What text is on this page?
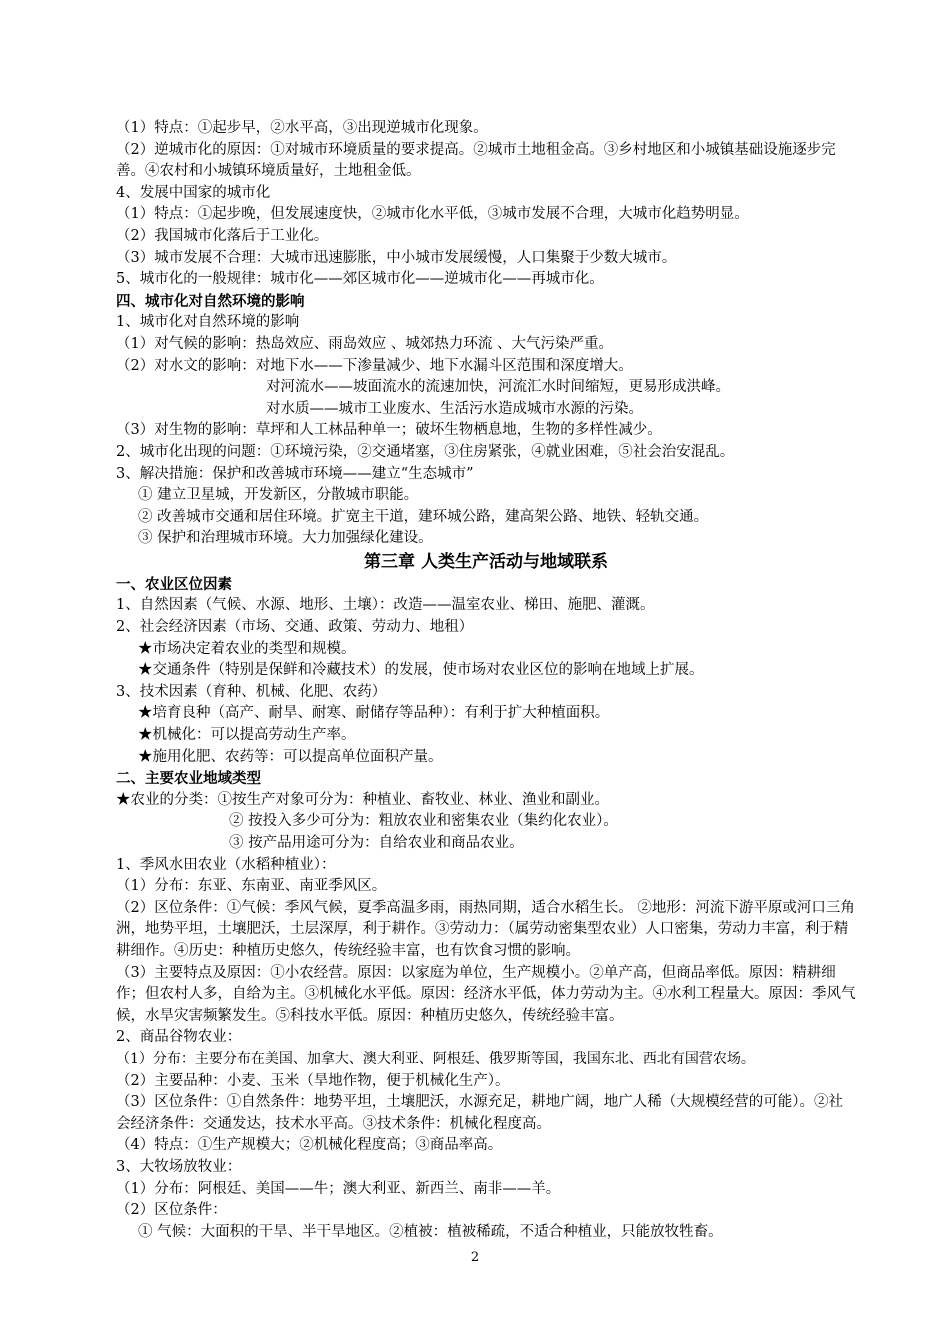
（1）特点：①起步早，②水平高，③出现逆城市化现象。
（2）逆城市化的原因：①对城市环境质量的要求提高。②城市土地租金高。③乡村地区和小城镇基础设施逐步完善。④农村和小城镇环境质量好，土地租金低。
4、发展中国家的城市化
（1）特点：①起步晚，但发展速度快，②城市化水平低，③城市发展不合理，大城市化趋势明显。
（2）我国城市化落后于工业化。
（3）城市发展不合理：大城市迅速膨胀，中小城市发展缓慢，人口集聚于少数大城市。
5、城市化的一般规律：城市化——郊区城市化——逆城市化——再城市化。
四、城市化对自然环境的影响
1、城市化对自然环境的影响
（1）对气候的影响：热岛效应、雨岛效应 、城郊热力环流 、大气污染严重。
（2）对水文的影响：对地下水——下渗量减少、地下水漏斗区范围和深度增大。
对河流水——坡面流水的流速加快，河流汇水时间缩短，更易形成洪峰。
对水质——城市工业废水、生活污水造成城市水源的污染。
（3）对生物的影响：草坪和人工林品种单一；破坏生物栖息地，生物的多样性减少。
2、城市化出现的问题：①环境污染，②交通堵塞，③住房紧张，④就业困难，⑤社会治安混乱。
3、解决措施：保护和改善城市环境——建立“生态城市”
① 建立卫星城，开发新区，分散城市职能。
② 改善城市交通和居住环境。扩宽主干道，建环城公路，建高架公路、地铁、轻轨交通。
③ 保护和治理城市环境。大力加强绿化建设。
第三章 人类生产活动与地域联系
一、农业区位因素
1、自然因素（气候、水源、地形、土壤）：改造——温室农业、梯田、施肥、灌溉。
2、社会经济因素（市场、交通、政策、劳动力、地租）
★市场决定着农业的类型和规模。
★交通条件（特别是保鲜和冷藏技术）的发展，使市场对农业区位的影响在地域上扩展。
3、技术因素（育种、机械、化肥、农药）
★培育良种（高产、耐旱、耐寒、耐储存等品种）：有利于扩大种植面积。
★机械化：可以提高劳动生产率。
★施用化肥、农药等：可以提高单位面积产量。
二、主要农业地域类型
★农业的分类：①按生产对象可分为：种植业、畜牧业、林业、渔业和副业。
② 按投入多少可分为：粗放农业和密集农业（集约化农业）。
③ 按产品用途可分为：自给农业和商品农业。
1、季风水田农业（水稻种植业）：
（1）分布：东亚、东南亚、南亚季风区。
（2）区位条件：①气候：季风气候，夏季高温多雨，雨热同期，适合水稻生长。 ②地形：河流下游平原或河口三角洲，地势平坦，土壤肥沃，土层深厚，利于耕作。③劳动力：（属劳动密集型农业）人口密集，劳动力丰富，利于精耕细作。④历史：种植历史悠久，传统经验丰富，也有饮食习惯的影响。
（3）主要特点及原因：①小农经营。原因：以家庭为单位，生产规模小。②单产高，但商品率低。原因：精耕细作；但农村人多，自给为主。③机械化水平低。原因：经济水平低，体力劳动为主。④水利工程量大。原因：季风气候，水旱灾害频繁发生。⑤科技水平低。原因：种植历史悠久，传统经验丰富。
2、商品谷物农业：
（1）分布：主要分布在美国、加拿大、澳大利亚、阿根廷、俄罗斯等国，我国东北、西北有国营农场。
（2）主要品种：小麦、玉米（旱地作物，便于机械化生产）。
（3）区位条件：①自然条件：地势平坦，土壤肥沃，水源充足，耕地广阔，地广人稀（大规模经营的可能）。②社会经济条件：交通发达，技术水平高。③技术条件：机械化程度高。
（4）特点：①生产规模大；②机械化程度高；③商品率高。
3、大牧场放牧业：
（1）分布：阿根廷、美国——牛；澳大利亚、新西兰、南非——羊。
（2）区位条件：
① 气候：大面积的干旱、半干旱地区。②植被：植被稀疏，不适合种植业，只能放牧牲畜。
2
